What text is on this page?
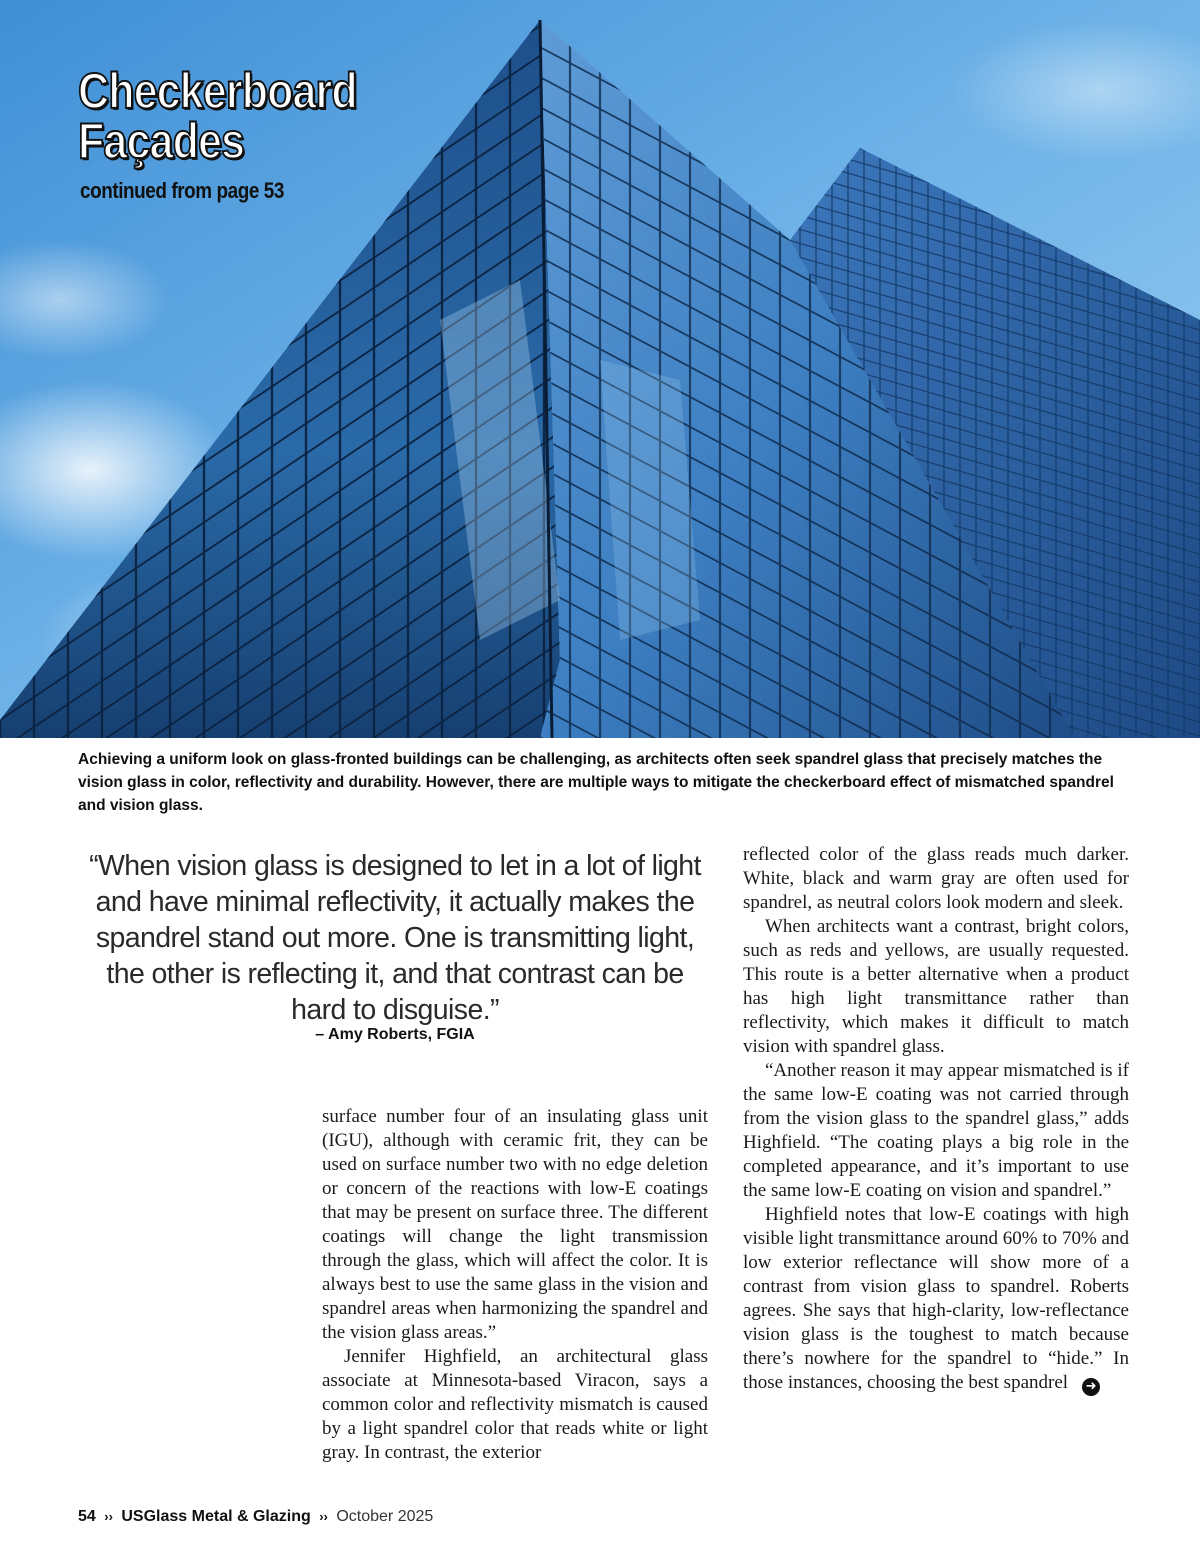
Checkerboard
Façades
continued from page 53
Achieving a uniform look on glass-fronted buildings can be challenging, as architects often seek spandrel glass that precisely matches the vision glass in color, reflectivity and durability. However, there are multiple ways to mitigate the checkerboard effect of mismatched spandrel and vision glass.
“When vision glass is designed to let in a lot of light and have minimal reflectivity, it actually makes the spandrel stand out more. One is transmitting light, the other is reflecting it, and that contrast can be hard to disguise.”
– Amy Roberts, FGIA

surface number four of an insulating glass unit (IGU), although with ceramic frit, they can be used on surface number two with no edge deletion or concern of the reactions with low-E coatings that may be present on surface three. The different coatings will change the light transmission through the glass, which will affect the color. It is always best to use the same glass in the vision and spandrel areas when harmonizing the spandrel and the vision glass areas.”

Jennifer Highfield, an architectural glass associate at Minnesota-based Viracon, says a common color and reflectivity mismatch is caused by a light spandrel color that reads white or light gray. In contrast, the exterior

reflected color of the glass reads much darker. White, black and warm gray are often used for spandrel, as neutral colors look modern and sleek.

When architects want a contrast, bright colors, such as reds and yellows, are usually requested. This route is a better alternative when a product has high light transmittance rather than reflectivity, which makes it difficult to match vision with spandrel glass.

“Another reason it may appear mismatched is if the same low-E coating was not carried through from the vision glass to the spandrel glass,” adds Highfield. “The coating plays a big role in the completed appearance, and it’s important to use the same low-E coating on vision and spandrel.”

Highfield notes that low-E coatings with high visible light transmittance around 60% to 70% and low exterior reflectance will show more of a contrast from vision glass to spandrel. Roberts agrees. She says that high-clarity, low-reflectance vision glass is the toughest to match because there’s nowhere for the spandrel to “hide.” In those instances, choosing the best spandrel ➜

54 ›› USGlass Metal & Glazing ›› October 2025
